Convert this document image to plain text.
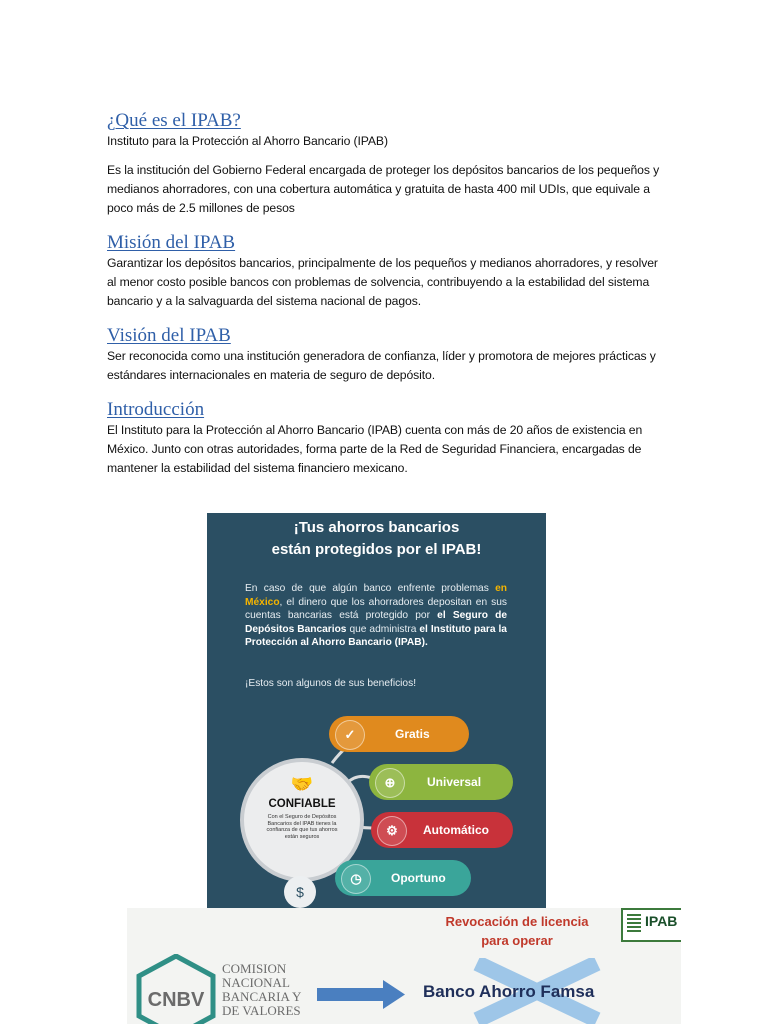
¿Qué es el IPAB?

Instituto para la Protección al Ahorro Bancario (IPAB)

Es la institución del Gobierno Federal encargada de proteger los depósitos bancarios de los pequeños y medianos ahorradores, con una cobertura automática y gratuita de hasta 400 mil UDIs, que equivale a poco más de 2.5 millones de pesos

Misión del IPAB

Garantizar los depósitos bancarios, principalmente de los pequeños y medianos ahorradores, y resolver al menor costo posible bancos con problemas de solvencia, contribuyendo a la estabilidad del sistema bancario y a la salvaguarda del sistema nacional de pagos.

Visión del IPAB

Ser reconocida como una institución generadora de confianza, líder y promotora de mejores prácticas y estándares internacionales en materia de seguro de depósito.

Introducción

El Instituto para la Protección al Ahorro Bancario (IPAB) cuenta con más de 20 años de existencia en México. Junto con otras autoridades, forma parte de la Red de Seguridad Financiera, encargadas de mantener la estabilidad del sistema financiero mexicano.

¡Tus ahorros bancarios
están protegidos por el IPAB!
En caso de que algún banco enfrente problemas en México, el dinero que los ahorradores depositan en sus cuentas bancarias está protegido por el Seguro de Depósitos Bancarios que administra el Instituto para la Protección al Ahorro Bancario (IPAB).
¡Estos son algunos de sus beneficios!
🤝
CONFIABLE
Con el Seguro de Depósitos Bancarios del IPAB tienes la confianza de que tus ahorros están seguros
✓	Gratis
⊕	Universal
⚙	Automático
◷	Oportuno
$
CNBV
COMISION
NACIONAL
BANCARIA Y
DE VALORES
Revocación de licencia
para operar
IPAB
Banco Ahorro Famsa
